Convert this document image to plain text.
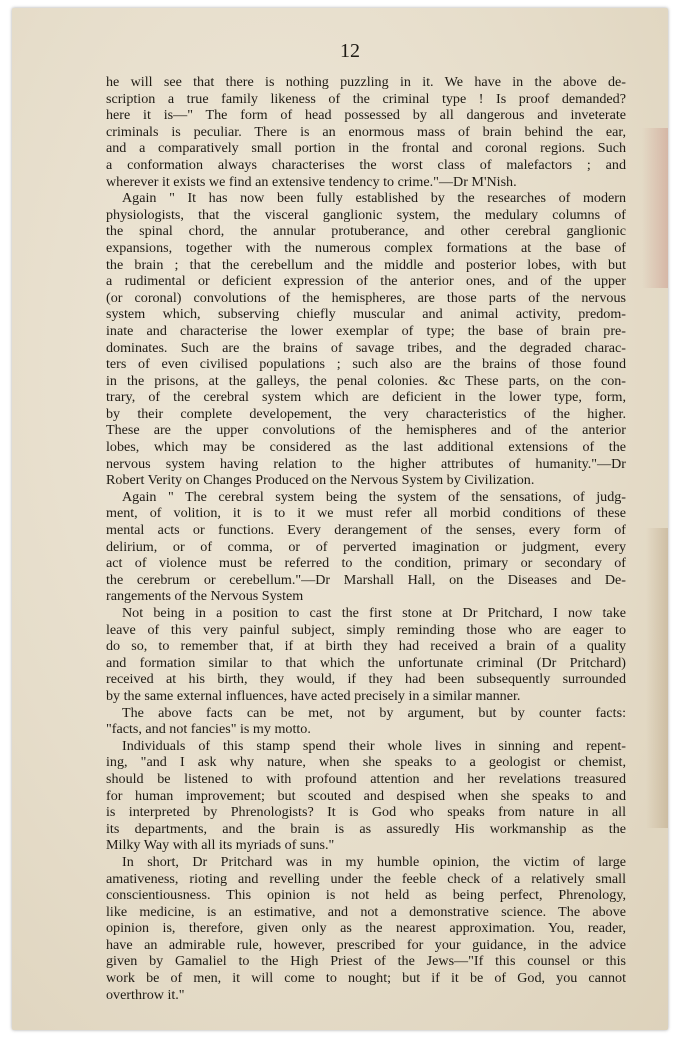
12
he will see that there is nothing puzzling in it. We have in the above de-
scription a true family likeness of the criminal type ! Is proof demanded?
here it is—" The form of head possessed by all dangerous and inveterate
criminals is peculiar. There is an enormous mass of brain behind the ear,
and a comparatively small portion in the frontal and coronal regions. Such
a conformation always characterises the worst class of malefactors ; and
wherever it exists we find an extensive tendency to crime."—Dr M'Nish.
Again " It has now been fully established by the researches of modern
physiologists, that the visceral ganglionic system, the medulary columns of
the spinal chord, the annular protuberance, and other cerebral ganglionic
expansions, together with the numerous complex formations at the base of
the brain ; that the cerebellum and the middle and posterior lobes, with but
a rudimental or deficient expression of the anterior ones, and of the upper
(or coronal) convolutions of the hemispheres, are those parts of the nervous
system which, subserving chiefly muscular and animal activity, predom-
inate and characterise the lower exemplar of type; the base of brain pre-
dominates. Such are the brains of savage tribes, and the degraded charac-
ters of even civilised populations ; such also are the brains of those found
in the prisons, at the galleys, the penal colonies. &c These parts, on the con-
trary, of the cerebral system which are deficient in the lower type, form,
by their complete developement, the very characteristics of the higher.
These are the upper convolutions of the hemispheres and of the anterior
lobes, which may be considered as the last additional extensions of the
nervous system having relation to the higher attributes of humanity."—Dr
Robert Verity on Changes Produced on the Nervous System by Civilization.
Again " The cerebral system being the system of the sensations, of judg-
ment, of volition, it is to it we must refer all morbid conditions of these
mental acts or functions. Every derangement of the senses, every form of
delirium, or of comma, or of perverted imagination or judgment, every
act of violence must be referred to the condition, primary or secondary of
the cerebrum or cerebellum."—Dr Marshall Hall, on the Diseases and De-
rangements of the Nervous System
Not being in a position to cast the first stone at Dr Pritchard, I now take
leave of this very painful subject, simply reminding those who are eager to
do so, to remember that, if at birth they had received a brain of a quality
and formation similar to that which the unfortunate criminal (Dr Pritchard)
received at his birth, they would, if they had been subsequently surrounded
by the same external influences, have acted precisely in a similar manner.
The above facts can be met, not by argument, but by counter facts:
"facts, and not fancies" is my motto.
Individuals of this stamp spend their whole lives in sinning and repent-
ing, "and I ask why nature, when she speaks to a geologist or chemist,
should be listened to with profound attention and her revelations treasured
for human improvement; but scouted and despised when she speaks to and
is interpreted by Phrenologists? It is God who speaks from nature in all
its departments, and the brain is as assuredly His workmanship as the
Milky Way with all its myriads of suns."
In short, Dr Pritchard was in my humble opinion, the victim of large
amativeness, rioting and revelling under the feeble check of a relatively small
conscientiousness. This opinion is not held as being perfect, Phrenology,
like medicine, is an estimative, and not a demonstrative science. The above
opinion is, therefore, given only as the nearest approximation. You, reader,
have an admirable rule, however, prescribed for your guidance, in the advice
given by Gamaliel to the High Priest of the Jews—"If this counsel or this
work be of men, it will come to nought; but if it be of God, you cannot
overthrow it."
